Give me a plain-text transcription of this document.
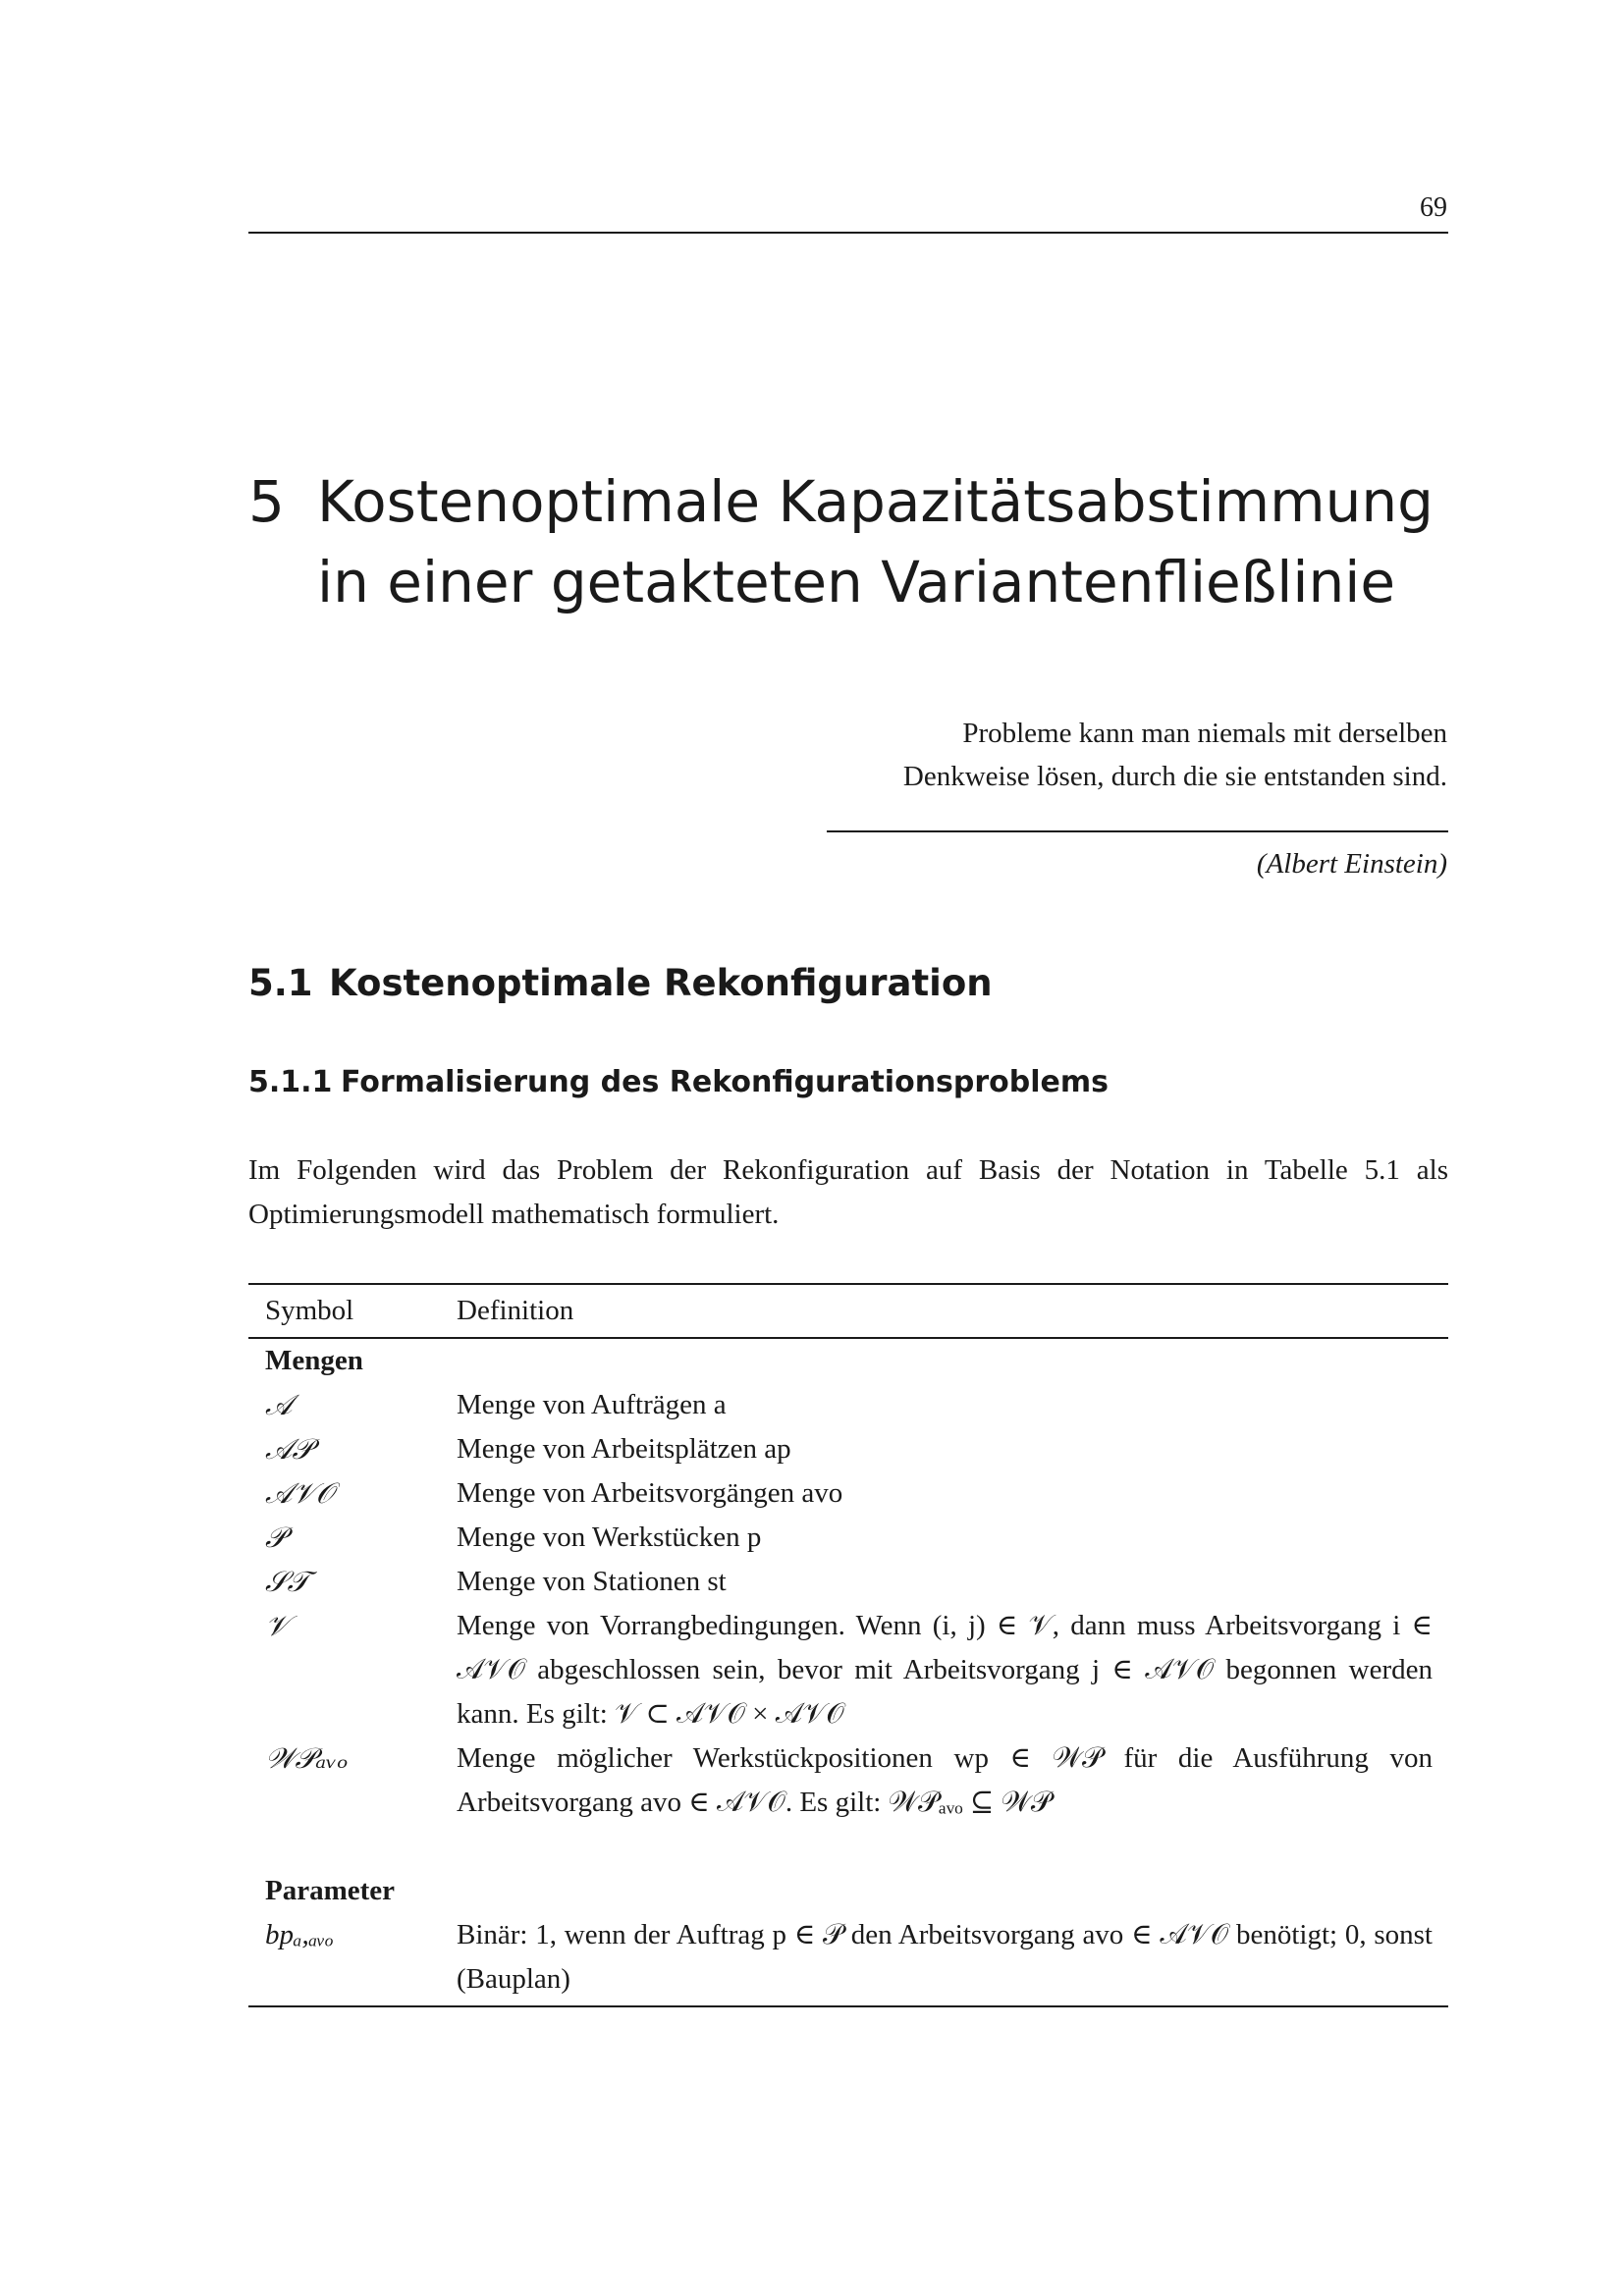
69
5 Kostenoptimale Kapazitätsabstimmung
in einer getakteten Variantenfließlinie
Probleme kann man niemals mit derselben
Denkweise lösen, durch die sie entstanden sind.
(Albert Einstein)
5.1 Kostenoptimale Rekonfiguration
5.1.1 Formalisierung des Rekonfigurationsproblems

Im Folgenden wird das Problem der Rekonfiguration auf Basis der Notation in Tabelle 5.1 als Optimierungsmodell mathematisch formuliert.

Symbol	Definition
Mengen
𝒜	Menge von Aufträgen a
𝒜𝒫	Menge von Arbeitsplätzen ap
𝒜𝒱𝒪	Menge von Arbeitsvorgängen avo
𝒫	Menge von Werkstücken p
𝒮𝒯	Menge von Stationen st
𝒱	Menge von Vorrangbedingungen. Wenn (i, j) ∈ 𝒱, dann muss Arbeitsvorgang i ∈ 𝒜𝒱𝒪 abgeschlossen sein, bevor mit Arbeitsvorgang j ∈ 𝒜𝒱𝒪 begonnen werden kann. Es gilt: 𝒱 ⊂ 𝒜𝒱𝒪 × 𝒜𝒱𝒪
𝒲𝒫ₐᵥₒ	Menge möglicher Werkstückpositionen wp ∈ 𝒲𝒫 für die Ausführung von Arbeitsvorgang avo ∈ 𝒜𝒱𝒪. Es gilt: 𝒲𝒫ₐᵥₒ ⊆ 𝒲𝒫
Parameter
bpₐ,ₐᵥₒ	Binär: 1, wenn der Auftrag p ∈ 𝒫 den Arbeitsvorgang avo ∈ 𝒜𝒱𝒪 benötigt; 0, sonst (Bauplan)
